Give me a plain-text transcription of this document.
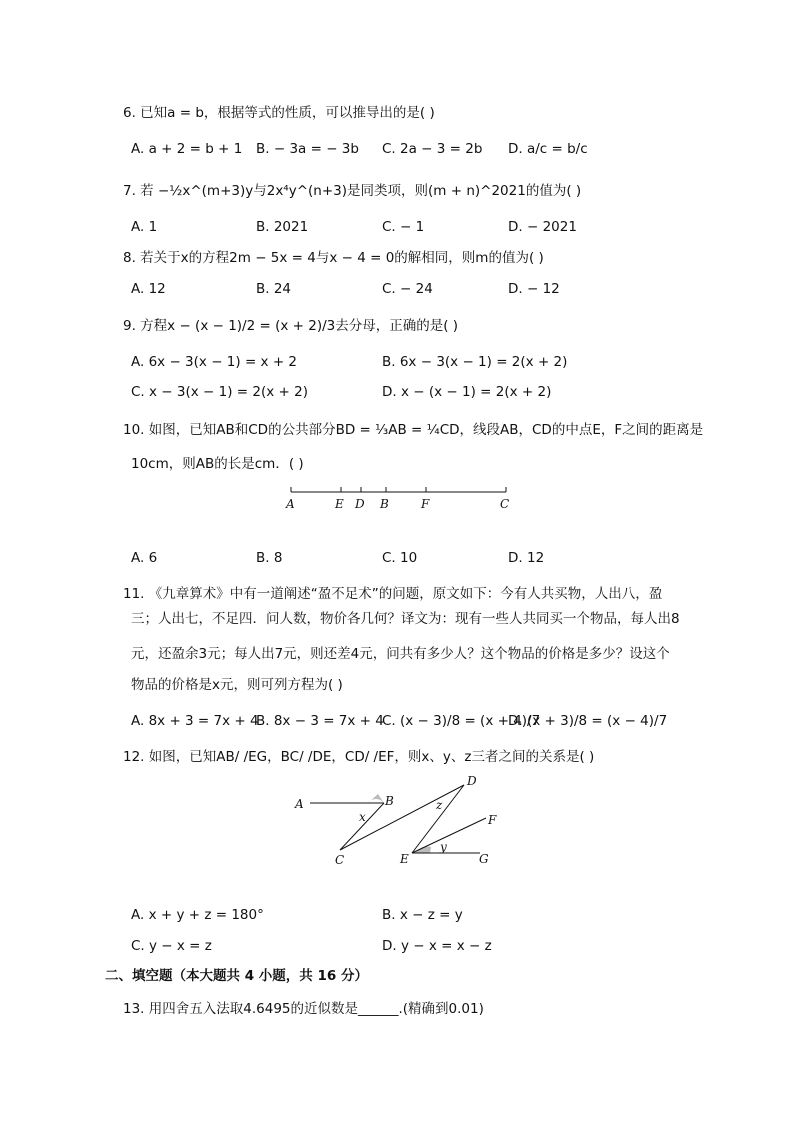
6. 已知a = b，根据等式的性质，可以推导出的是( )
A. a + 2 = b + 1 B. − 3a = − 3b C. 2a − 3 = 2b D. a/c = b/c
7. 若 −½x^(m+3)y与2x⁴y^(n+3)是同类项，则(m + n)^2021的值为( )
A. 1	B. 2021	C. − 1	D. − 2021
8. 若关于x的方程2m − 5x = 4与x − 4 = 0的解相同，则m的值为( )
A. 12	B. 24	C. − 24	D. − 12
9. 方程x − (x − 1)/2 = (x + 2)/3去分母，正确的是( )
A. 6x − 3(x − 1) = x + 2	B. 6x − 3(x − 1) = 2(x + 2)
C. x − 3(x − 1) = 2(x + 2)	D. x − (x − 1) = 2(x + 2)
10. 如图，已知AB和CD的公共部分BD = ⅓AB = ¼CD，线段AB，CD的中点E，F之间的距离是
10cm，则AB的长是cm．( )
A	E D B	F	C
A. 6	B. 8	C. 10	D. 12
11. 《九章算术》中有一道阐述“盈不足术”的问题，原文如下：今有人共买物，人出八，盈
三；人出七，不足四．问人数，物价各几何？译文为：现有一些人共同买一个物品，每人出8
元，还盈余3元；每人出7元，则还差4元，问共有多少人？这个物品的价格是多少？设这个
物品的价格是x元，则可列方程为( )
A. 8x + 3 = 7x + 4
B. 8x − 3 = 7x + 4
C. (x − 3)/8 = (x + 4)/7
D. (x + 3)/8 = (x − 4)/7
12. 如图，已知AB/ /EG，BC/ /DE，CD/ /EF，则x、y、z三者之间的关系是( )
A	B
x
C
D
z
F
E
y
G
A. x + y + z = 180°	B. x − z = y
C. y − x = z	D. y − x = x − z
二、填空题（本大题共 4 小题，共 16 分）
13. 用四舍五入法取4.6495的近似数是______.(精确到0.01)
